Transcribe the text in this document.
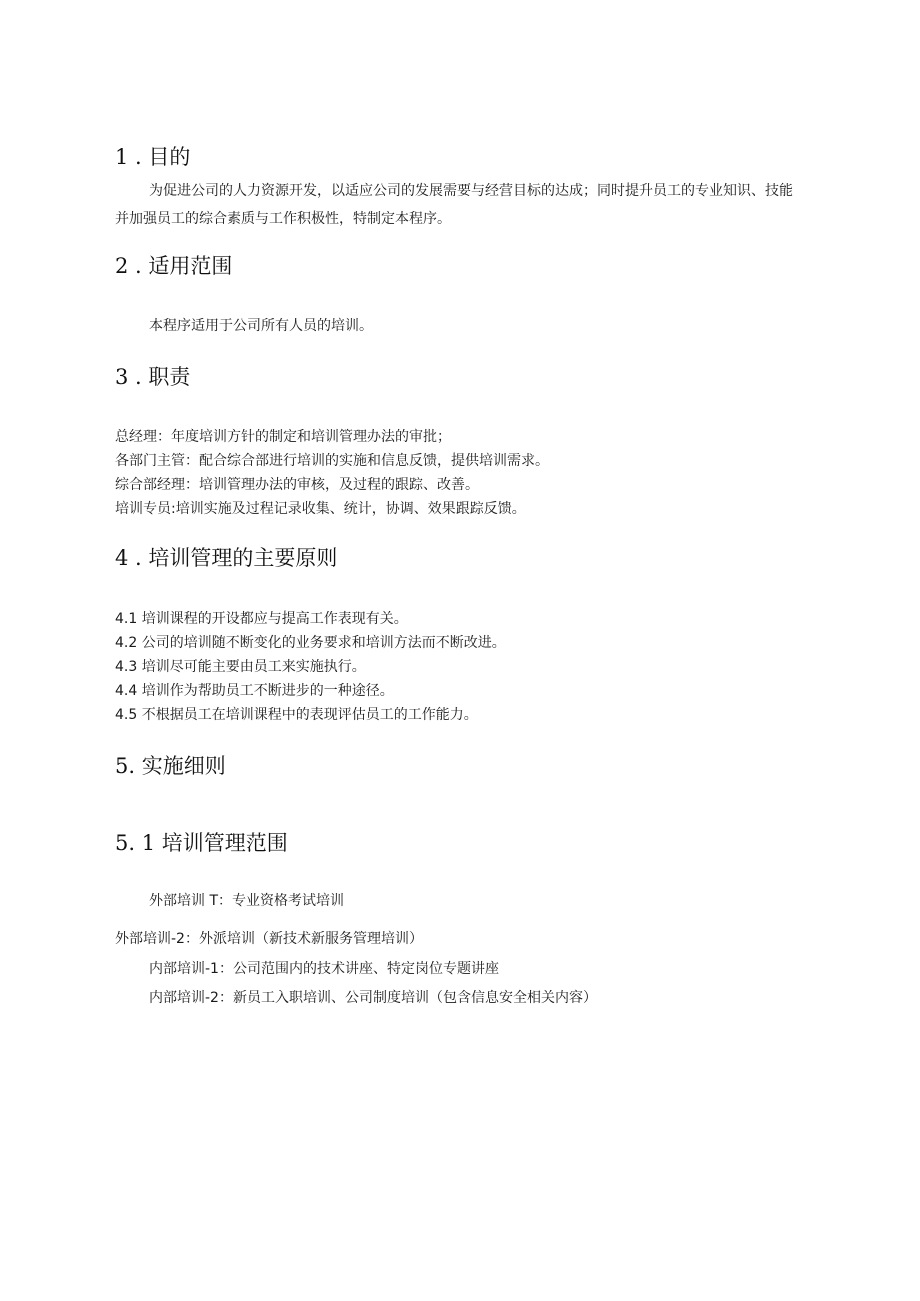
1 . 目的
为促进公司的人力资源开发，以适应公司的发展需要与经营目标的达成；同时提升员工的专业知识、技能并加强员工的综合素质与工作积极性，特制定本程序。
2 . 适用范围
本程序适用于公司所有人员的培训。
3 . 职责
总经理：年度培训方针的制定和培训管理办法的审批；
各部门主管：配合综合部进行培训的实施和信息反馈，提供培训需求。
综合部经理：培训管理办法的审核，及过程的跟踪、改善。
培训专员:培训实施及过程记录收集、统计，协调、效果跟踪反馈。
4 . 培训管理的主要原则
4.1 培训课程的开设都应与提高工作表现有关。
4.2 公司的培训随不断变化的业务要求和培训方法而不断改进。
4.3 培训尽可能主要由员工来实施执行。
4.4 培训作为帮助员工不断进步的一种途径。
4.5 不根据员工在培训课程中的表现评估员工的工作能力。
5. 实施细则
5. 1 培训管理范围
外部培训 T：专业资格考试培训
外部培训-2：外派培训（新技术新服务管理培训）
内部培训-1：公司范围内的技术讲座、特定岗位专题讲座
内部培训-2：新员工入职培训、公司制度培训（包含信息安全相关内容）
